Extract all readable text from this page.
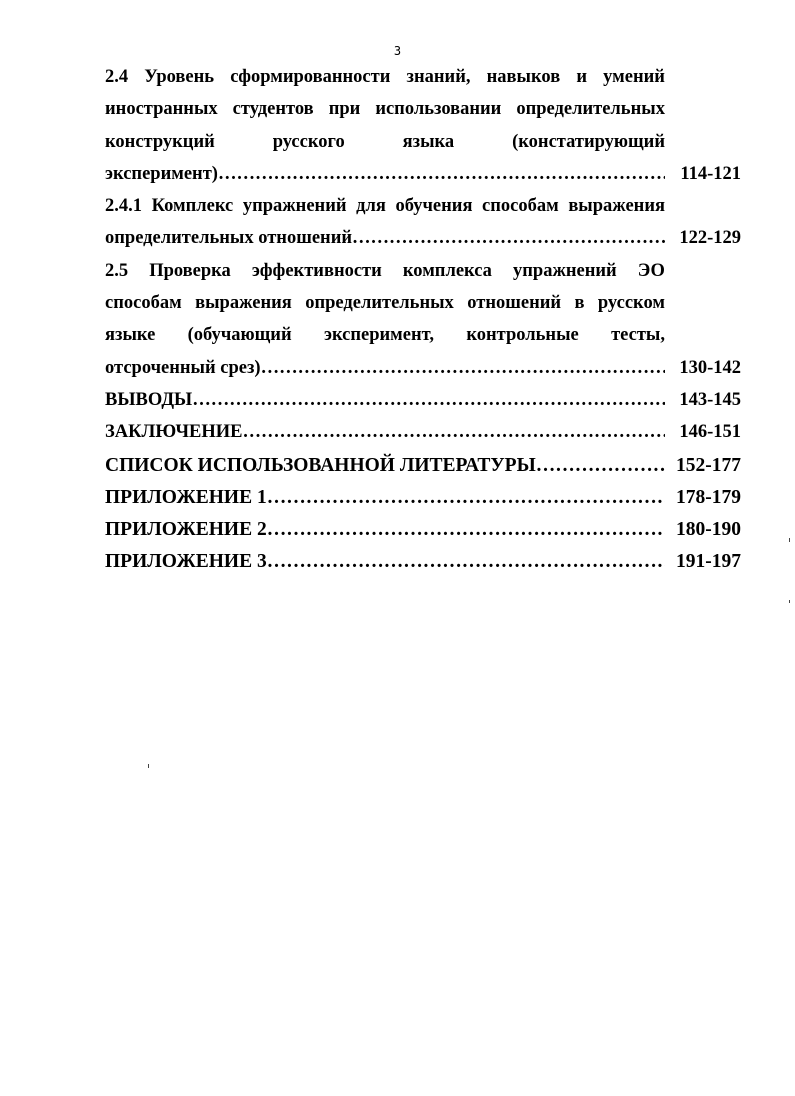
3
2.4 Уровень сформированности знаний, навыков и умений
иностранных студентов при использовании определительных
конструкций	русского	языка	(констатирующий
эксперимент) …………………………………………………………………………………………………………………………………………	114-121
2.4.1 Комплекс упражнений для обучения способам выражения
определительных отношений …………………………………………………………………………………………………………………………………………	122-129
2.5 Проверка эффективности комплекса упражнений ЭО
способам выражения определительных отношений в русском
языке (обучающий эксперимент, контрольные тесты,
отсроченный срез) …………………………………………………………………………………………………………………………………………	130-142
ВЫВОДЫ …………………………………………………………………………………………………………………………………………	143-145
ЗАКЛЮЧЕНИЕ …………………………………………………………………………………………………………………………………………	146-151
СПИСОК ИСПОЛЬЗОВАННОЙ ЛИТЕРАТУРЫ …………………………………………………………………………………………………………………………………………	152-177
ПРИЛОЖЕНИЕ 1 …………………………………………………………………………………………………………………………………………	178-179
ПРИЛОЖЕНИЕ 2 …………………………………………………………………………………………………………………………………………	180-190
ПРИЛОЖЕНИЕ 3 …………………………………………………………………………………………………………………………………………	191-197
